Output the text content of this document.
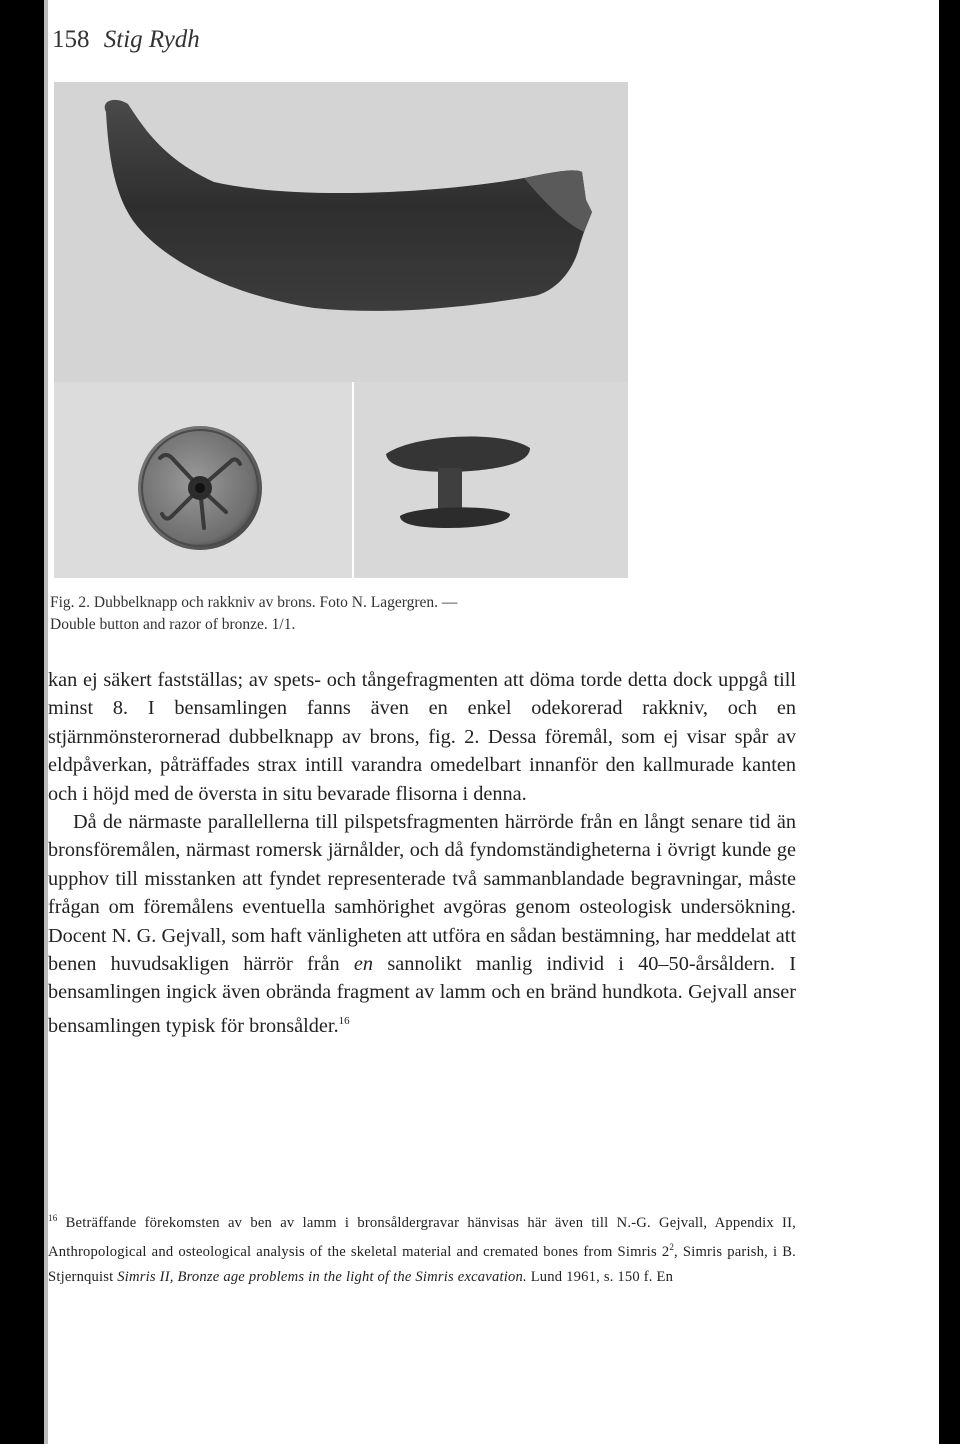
158 Stig Rydh
Fig. 2. Dubbelknapp och rakkniv av brons. Foto N. Lagergren. —
Double button and razor of bronze. 1/1.

kan ej säkert fastställas; av spets- och tångefragmenten att döma torde detta dock uppgå till minst 8. I bensamlingen fanns även en enkel odekorerad rakkniv, och en stjärnmönsterornerad dubbelknapp av brons, fig. 2. Dessa föremål, som ej visar spår av eldpåverkan, påträffades strax intill varandra omedelbart innanför den kallmurade kanten och i höjd med de översta in situ bevarade flisorna i denna.

Då de närmaste parallellerna till pilspetsfragmenten härrörde från en långt senare tid än bronsföremålen, närmast romersk järnålder, och då fyndomständigheterna i övrigt kunde ge upphov till misstanken att fyndet representerade två sammanblandade begravningar, måste frågan om föremålens eventuella samhörighet avgöras genom osteologisk undersökning. Docent N. G. Gejvall, som haft vänligheten att utföra en sådan bestämning, har meddelat att benen huvudsakligen härrör från en sannolikt manlig individ i 40–50-årsåldern. I bensamlingen ingick även obrända fragment av lamm och en bränd hundkota. Gejvall anser bensamlingen typisk för bronsålder.$^{16}$

$^{16}$ Beträffande förekomsten av ben av lamm i bronsåldergravar hänvisas här även till N.-G. Gejvall, Appendix II, Anthropological and osteological analysis of the skeletal material and cremated bones from Simris $2^2$, Simris parish, i B. Stjernquist Simris II, Bronze age problems in the light of the Simris excavation. Lund 1961, s. 150 f. En
